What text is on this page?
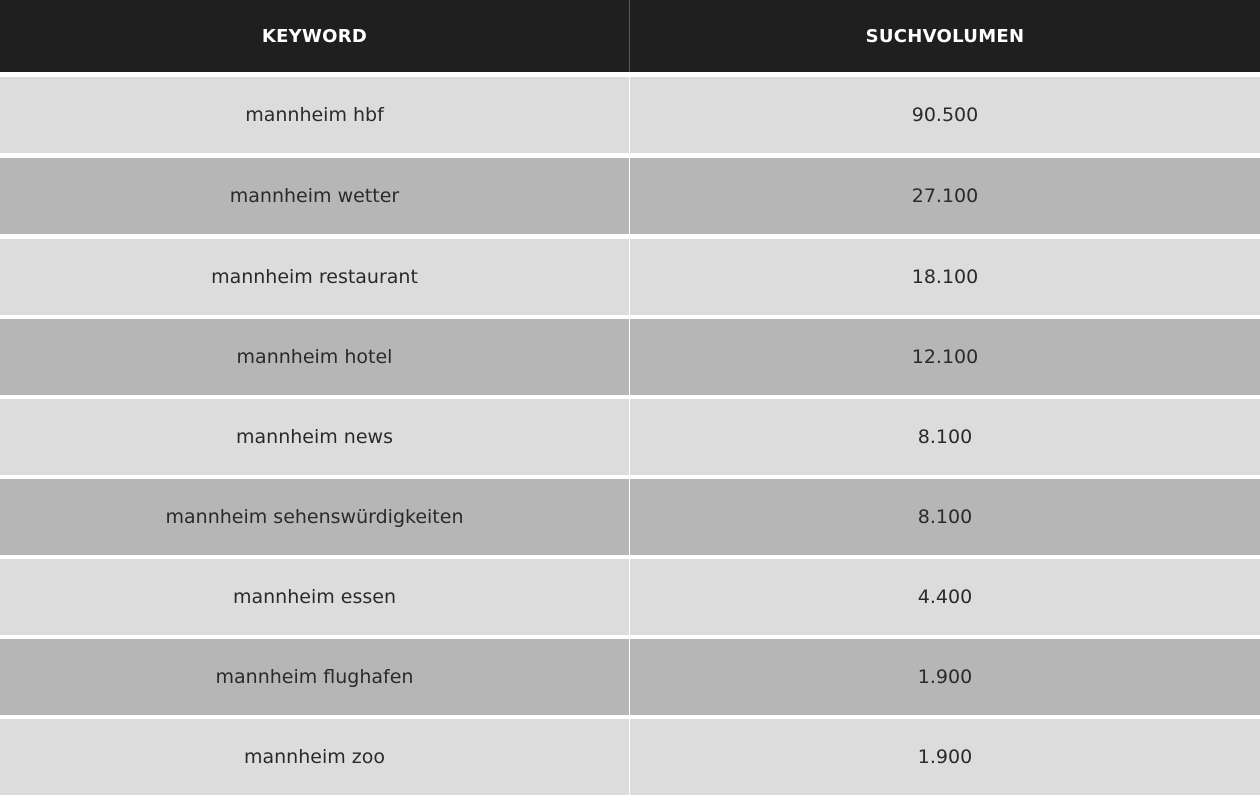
KEYWORD	SUCHVOLUMEN
mannheim hbf	90.500
mannheim wetter	27.100
mannheim restaurant	18.100
mannheim hotel	12.100
mannheim news	8.100
mannheim sehenswürdigkeiten	8.100
mannheim essen	4.400
mannheim flughafen	1.900
mannheim zoo	1.900
